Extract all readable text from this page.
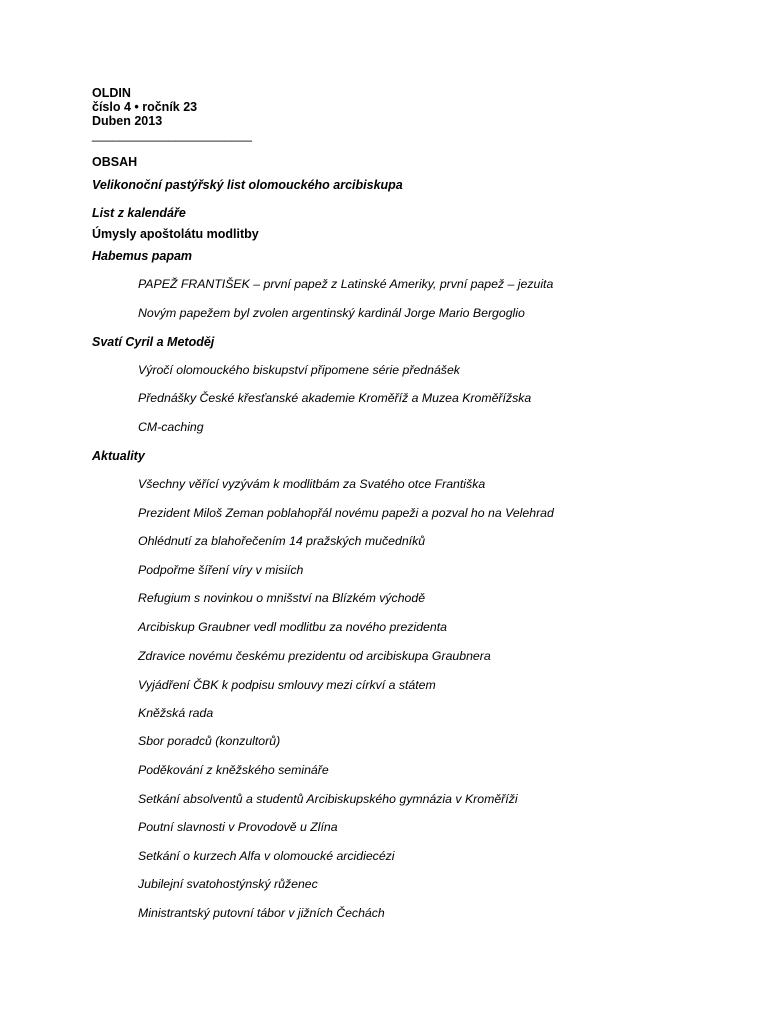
OLDIN
číslo 4 • ročník 23
Duben 2013
_______________________
OBSAH
Velikonoční pastýřský list olomouckého arcibiskupa
List z kalendáře
Úmysly apoštolátu modlitby
Habemus papam
PAPEŽ FRANTIŠEK – první papež z Latinské Ameriky, první papež – jezuita
Novým papežem byl zvolen argentinský kardinál Jorge Mario Bergoglio
Svatí Cyril a Metoděj
Výročí olomouckého biskupství připomene série přednášek
Přednášky České křesťanské akademie Kroměříž a Muzea Kroměřížska
CM-caching
Aktuality
Všechny věřící vyzývám k modlitbám za Svatého otce Františka
Prezident Miloš Zeman poblahopřál novému papeži a pozval ho na Velehrad
Ohlédnutí za blahořečením 14 pražských mučedníků
Podpořme šíření víry v misiích
Refugium s novinkou o mnišství na Blízkém východě
Arcibiskup Graubner vedl modlitbu za nového prezidenta
Zdravice novému českému prezidentu od arcibiskupa Graubnera
Vyjádření ČBK k podpisu smlouvy mezi církví a státem
Kněžská rada
Sbor poradců (konzultorů)
Poděkování z kněžského semináře
Setkání absolventů a studentů Arcibiskupského gymnázia v Kroměříži
Poutní slavnosti v Provodově u Zlína
Setkání o kurzech Alfa v olomoucké arcidiecézi
Jubilejní svatohostýnský růženec
Ministrantský putovní tábor v jižních Čechách
